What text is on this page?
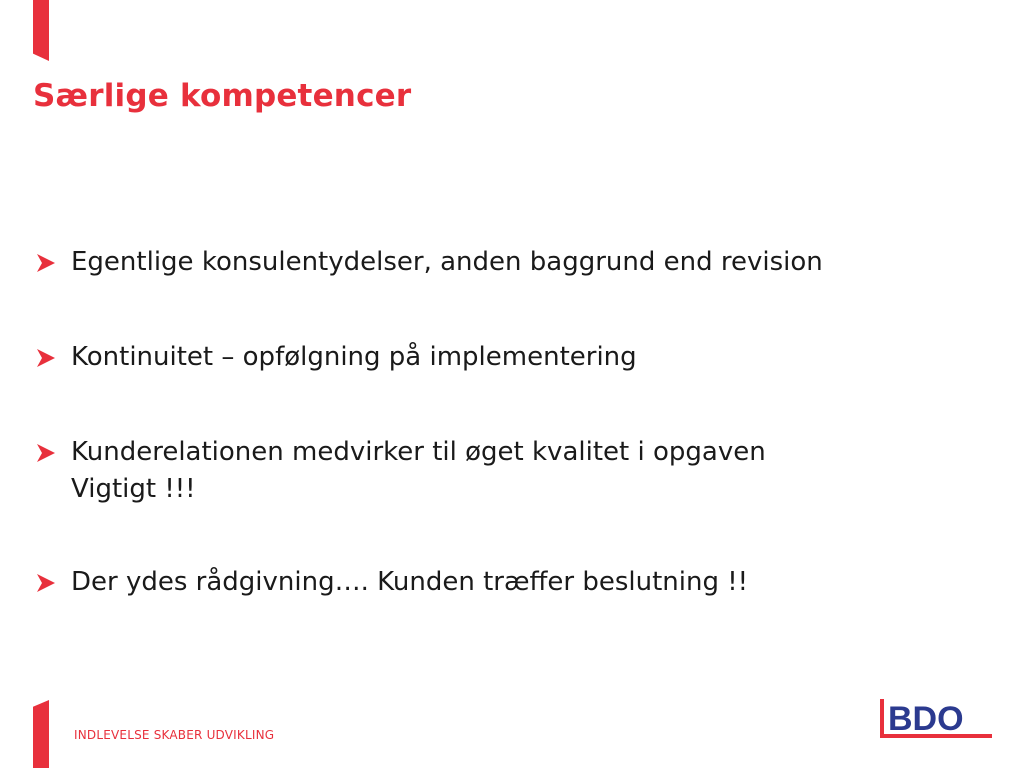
Særlige kompetencer
Egentlige konsulentydelser, anden baggrund end revision
Kontinuitet – opfølgning på implementering
Kunderelationen medvirker til øget kvalitet i opgaven
Vigtigt !!!
Der ydes rådgivning…. Kunden træffer beslutning !!
INDLEVELSE SKABER UDVIKLING	BDO
